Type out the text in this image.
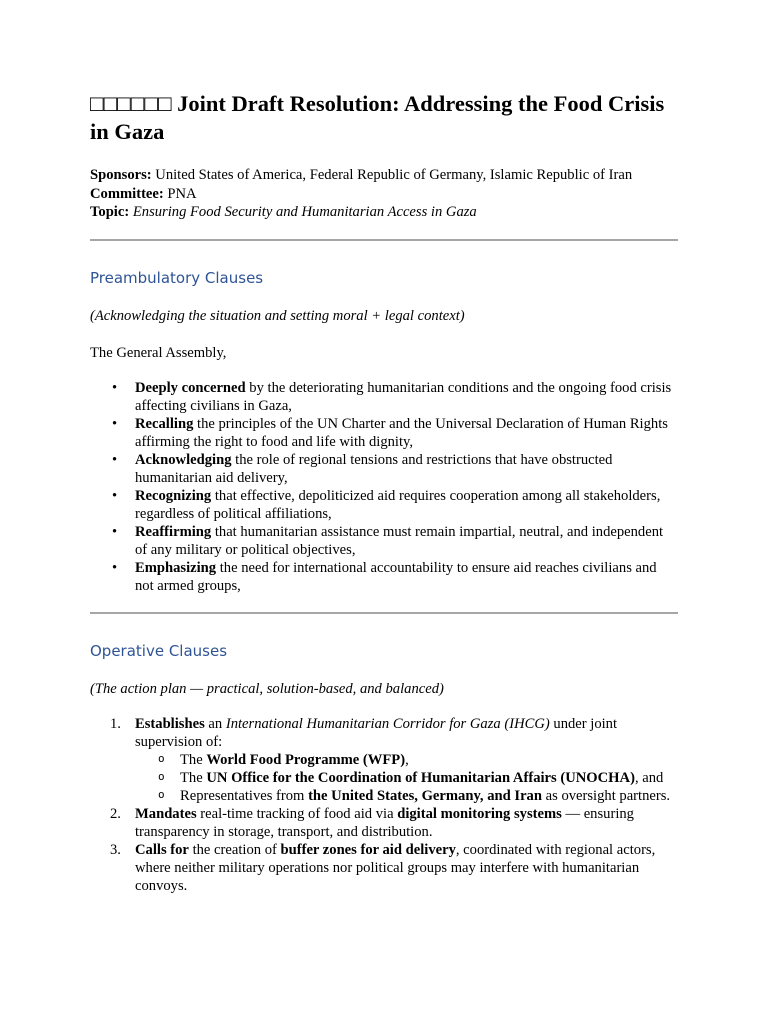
□□□□□□ Joint Draft Resolution: Addressing the Food Crisis in Gaza

Sponsors: United States of America, Federal Republic of Germany, Islamic Republic of Iran

Committee: PNA

Topic: Ensuring Food Security and Humanitarian Access in Gaza

Preambulatory Clauses

(Acknowledging the situation and setting moral + legal context)

The General Assembly,

• Deeply concerned by the deteriorating humanitarian conditions and the ongoing food crisis affecting civilians in Gaza,
• Recalling the principles of the UN Charter and the Universal Declaration of Human Rights affirming the right to food and life with dignity,
• Acknowledging the role of regional tensions and restrictions that have obstructed humanitarian aid delivery,
• Recognizing that effective, depoliticized aid requires cooperation among all stakeholders, regardless of political affiliations,
• Reaffirming that humanitarian assistance must remain impartial, neutral, and independent of any military or political objectives,
• Emphasizing the need for international accountability to ensure aid reaches civilians and not armed groups,
Operative Clauses

(The action plan — practical, solution-based, and balanced)

1. Establishes an International Humanitarian Corridor for Gaza (IHCG) under joint supervision of:
o The World Food Programme (WFP),
o The UN Office for the Coordination of Humanitarian Affairs (UNOCHA), and
o Representatives from the United States, Germany, and Iran as oversight partners.
2. Mandates real-time tracking of food aid via digital monitoring systems — ensuring transparency in storage, transport, and distribution.
3. Calls for the creation of buffer zones for aid delivery, coordinated with regional actors, where neither military operations nor political groups may interfere with humanitarian convoys.
